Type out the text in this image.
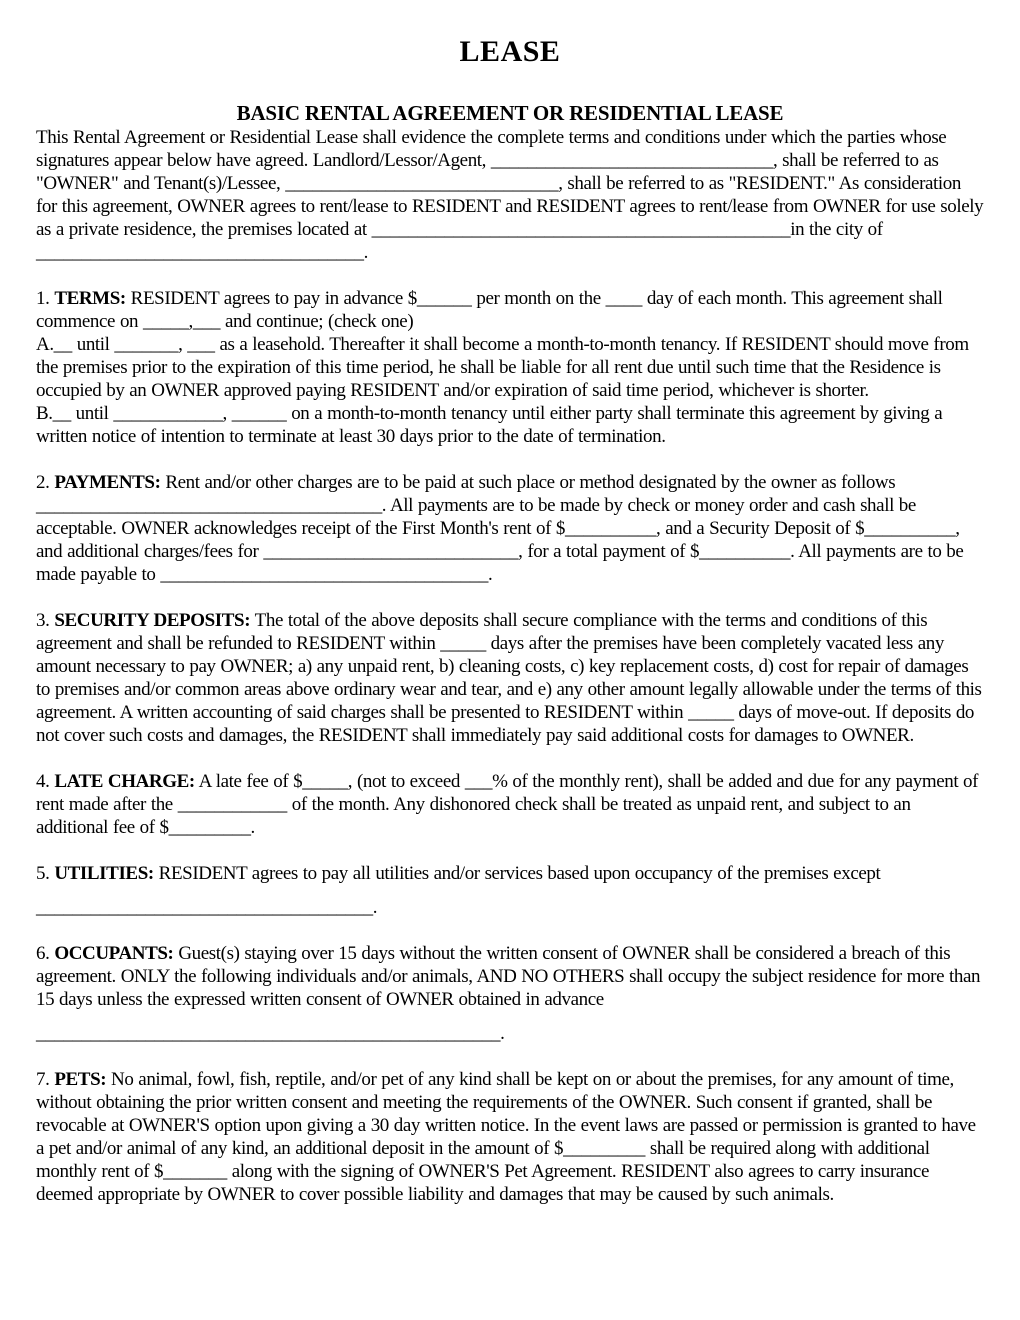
LEASE
BASIC RENTAL AGREEMENT OR RESIDENTIAL LEASE

This Rental Agreement or Residential Lease shall evidence the complete terms and conditions under which the parties whose signatures appear below have agreed. Landlord/Lessor/Agent, _______________________________, shall be referred to as "OWNER" and Tenant(s)/Lessee, ______________________________, shall be referred to as "RESIDENT." As consideration for this agreement, OWNER agrees to rent/lease to RESIDENT and RESIDENT agrees to rent/lease from OWNER for use solely as a private residence, the premises located at ______________________________________________in the city of ____________________________________.

1. TERMS: RESIDENT agrees to pay in advance $______ per month on the ____ day of each month. This agreement shall commence on _____,___ and continue; (check one)

A.__ until _______, ___ as a leasehold. Thereafter it shall become a month-to-month tenancy. If RESIDENT should move from the premises prior to the expiration of this time period, he shall be liable for all rent due until such time that the Residence is occupied by an OWNER approved paying RESIDENT and/or expiration of said time period, whichever is shorter.

B.__ until ____________, ______ on a month-to-month tenancy until either party shall terminate this agreement by giving a written notice of intention to terminate at least 30 days prior to the date of termination.

2. PAYMENTS: Rent and/or other charges are to be paid at such place or method designated by the owner as follows ______________________________________. All payments are to be made by check or money order and cash shall be acceptable. OWNER acknowledges receipt of the First Month's rent of $__________, and a Security Deposit of $__________, and additional charges/fees for ____________________________, for a total payment of $__________. All payments are to be made payable to ____________________________________.

3. SECURITY DEPOSITS: The total of the above deposits shall secure compliance with the terms and conditions of this agreement and shall be refunded to RESIDENT within _____ days after the premises have been completely vacated less any amount necessary to pay OWNER; a) any unpaid rent, b) cleaning costs, c) key replacement costs, d) cost for repair of damages to premises and/or common areas above ordinary wear and tear, and e) any other amount legally allowable under the terms of this agreement. A written accounting of said charges shall be presented to RESIDENT within _____ days of move-out. If deposits do not cover such costs and damages, the RESIDENT shall immediately pay said additional costs for damages to OWNER.

4. LATE CHARGE: A late fee of $_____, (not to exceed ___% of the monthly rent), shall be added and due for any payment of rent made after the ____________ of the month. Any dishonored check shall be treated as unpaid rent, and subject to an additional fee of $_________.

5. UTILITIES: RESIDENT agrees to pay all utilities and/or services based upon occupancy of the premises except

_____________________________________.

6. OCCUPANTS: Guest(s) staying over 15 days without the written consent of OWNER shall be considered a breach of this agreement. ONLY the following individuals and/or animals, AND NO OTHERS shall occupy the subject residence for more than 15 days unless the expressed written consent of OWNER obtained in advance

___________________________________________________.

7. PETS: No animal, fowl, fish, reptile, and/or pet of any kind shall be kept on or about the premises, for any amount of time, without obtaining the prior written consent and meeting the requirements of the OWNER. Such consent if granted, shall be revocable at OWNER'S option upon giving a 30 day written notice. In the event laws are passed or permission is granted to have a pet and/or animal of any kind, an additional deposit in the amount of $_________ shall be required along with additional monthly rent of $_______ along with the signing of OWNER'S Pet Agreement. RESIDENT also agrees to carry insurance deemed appropriate by OWNER to cover possible liability and damages that may be caused by such animals.
